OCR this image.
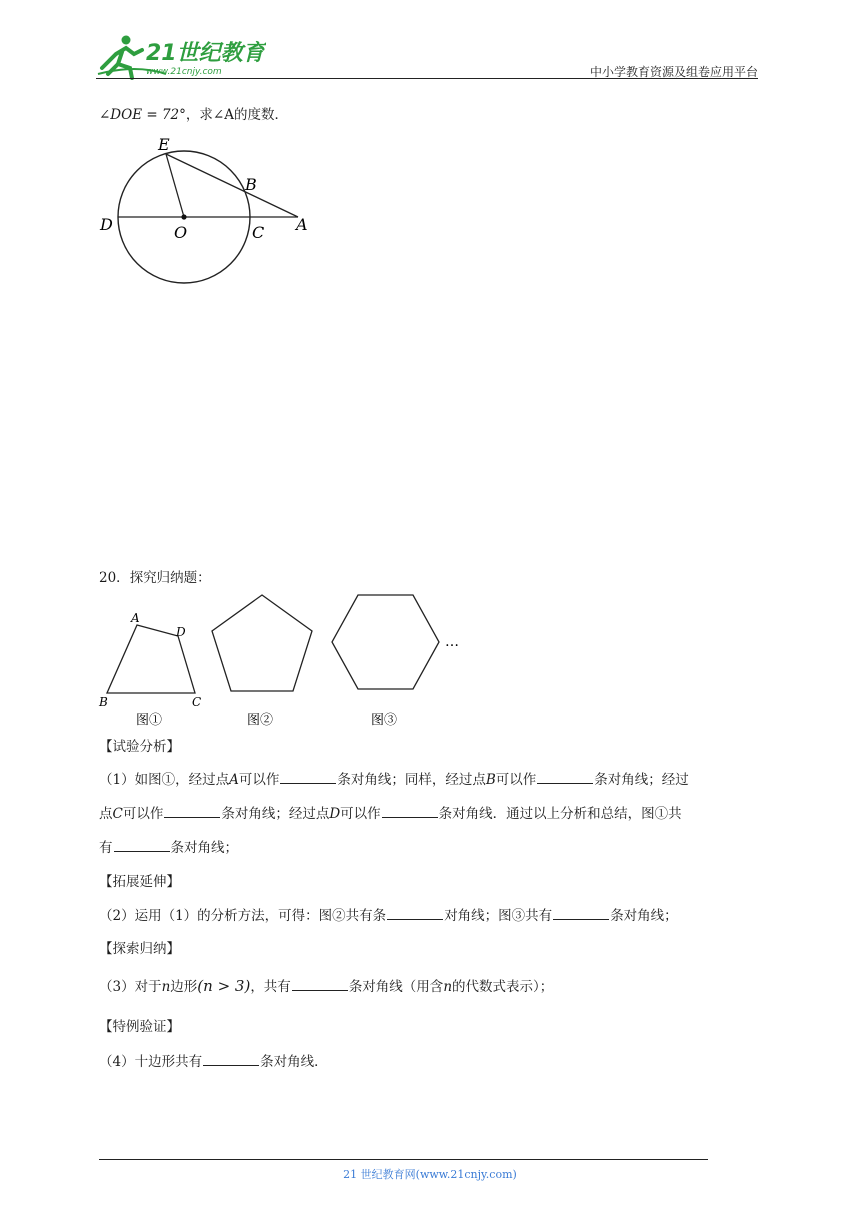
21世纪教育
www.21cnjy.com	中小学教育资源及组卷应用平台
∠DOE = 72°，求∠A的度数．
E
B
D	O	C A
20．探究归纳题：
A
D
B	C
…
图①	图②	图③
【试验分析】
（1）如图①，经过点A可以作	条对角线；同样，经过点B可以作	条对角线；经过
点C可以作	条对角线；经过点D可以作	条对角线．通过以上分析和总结，图①共
有	条对角线；
【拓展延伸】
（2）运用（1）的分析方法，可得：图②共有条	对角线；图③共有	条对角线；
【探索归纳】
（3）对于n边形(n > 3)，共有	条对角线（用含n的代数式表示）；
【特例验证】
（4）十边形共有	条对角线．
21 世纪教育网(www.21cnjy.com)
